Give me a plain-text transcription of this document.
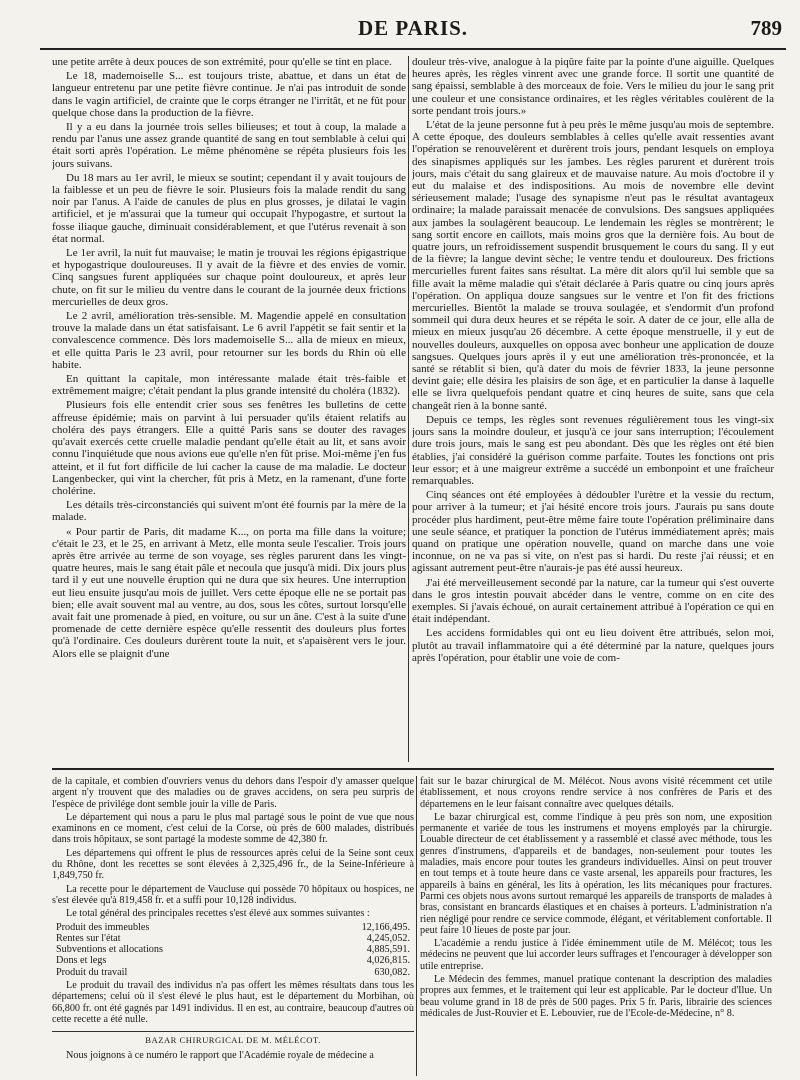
DE PARIS.	789

une petite arrête à deux pouces de son extrémité, pour qu'elle se tint en place.

Le 18, mademoiselle S... est toujours triste, abattue, et dans un état de langueur entretenu par une petite fièvre continue. Je n'ai pas introduit de sonde dans le vagin artificiel, de crainte que le corps étranger ne l'irritât, et ne fût pour quelque chose dans la production de la fièvre.

Il y a eu dans la journée trois selles bilieuses; et tout à coup, la malade a rendu par l'anus une assez grande quantité de sang en tout semblable à celui qui était sorti après l'opération. Le même phénomène se répéta plusieurs fois les jours suivans.

Du 18 mars au 1er avril, le mieux se soutint; cependant il y avait toujours de la faiblesse et un peu de fièvre le soir. Plusieurs fois la malade rendit du sang noir par l'anus. A l'aide de canules de plus en plus grosses, je dilatai le vagin artificiel, et je m'assurai que la tumeur qui occupait l'hypogastre, et surtout la fosse iliaque gauche, diminuait considérablement, et que l'utérus revenait à son état normal.

Le 1er avril, la nuit fut mauvaise; le matin je trouvai les régions épigastrique et hypogastrique douloureuses. Il y avait de la fièvre et des envies de vomir. Cinq sangsues furent appliquées sur chaque point douloureux, et après leur chute, on fit sur le milieu du ventre dans le courant de la journée deux frictions mercurielles de deux gros.

Le 2 avril, amélioration très-sensible. M. Magendie appelé en consultation trouve la malade dans un état satisfaisant. Le 6 avril l'appétit se fait sentir et la convalescence commence. Dès lors mademoiselle S... alla de mieux en mieux, et elle quitta Paris le 23 avril, pour retourner sur les bords du Rhin où elle habite.

En quittant la capitale, mon intéressante malade était très-faible et extrêmement maigre; c'était pendant la plus grande intensité du choléra (1832).

Plusieurs fois elle entendit crier sous ses fenêtres les bulletins de cette affreuse épidémie; mais on parvint à lui persuader qu'ils étaient relatifs au choléra des pays étrangers. Elle a quitté Paris sans se douter des ravages qu'avait exercés cette cruelle maladie pendant qu'elle était au lit, et sans avoir connu l'inquiétude que nous avions eue qu'elle n'en fût prise. Moi-même j'en fus atteint, et il fut fort difficile de lui cacher la cause de ma maladie. Le docteur Langenbecker, qui vint la chercher, fût pris à Metz, en la ramenant, d'une forte cholérine.

Les détails très-circonstanciés qui suivent m'ont été fournis par la mère de la malade.

« Pour partir de Paris, dit madame K..., on porta ma fille dans la voiture; c'était le 23, et le 25, en arrivant à Metz, elle monta seule l'escalier. Trois jours après être arrivée au terme de son voyage, ses règles parurent dans les vingt-quatre heures, mais le sang était pâle et necoula que jusqu'à midi. Dix jours plus tard il y eut une nouvelle éruption qui ne dura que six heures. Une interruption eut lieu ensuite jusqu'au mois de juillet. Vers cette époque elle ne se portait pas bien; elle avait souvent mal au ventre, au dos, sous les côtes, surtout lorsqu'elle avait fait une promenade à pied, en voiture, ou sur un âne. C'est à la suite d'une promenade de cette dernière espèce qu'elle ressentit des douleurs plus fortes qu'à l'ordinaire. Ces douleurs durèrent toute la nuit, et s'apaisèrent vers le jour. Alors elle se plaignit d'une

douleur très-vive, analogue à la piqûre faite par la pointe d'une aiguille. Quelques heures après, les règles vinrent avec une grande force. Il sortit une quantité de sang épaissi, semblable à des morceaux de foie. Vers le milieu du jour le sang prit une couleur et une consistance ordinaires, et les règles véritables coulèrent de la sorte pendant trois jours.»

L'état de la jeune personne fut à peu près le même jusqu'au mois de septembre. A cette époque, des douleurs semblables à celles qu'elle avait ressenties avant l'opération se renouvelèrent et durèrent trois jours, pendant lesquels on employa des sinapismes appliqués sur les jambes. Les règles parurent et durèrent trois jours, mais c'était du sang glaireux et de mauvaise nature. Au mois d'octobre il y eut du malaise et des indispositions. Au mois de novembre elle devint sérieusement malade; l'usage des synapisme n'eut pas le résultat avantageux ordinaire; la malade paraissait menacée de convulsions. Des sangsues appliquées aux jambes la soulagèrent beaucoup. Le lendemain les règles se montrèrent; le sang sortit encore en caillots, mais moins gros que la dernière fois. Au bout de quatre jours, un refroidissement suspendit brusquement le cours du sang. Il y eut de la fièvre; la langue devint sèche; le ventre tendu et douloureux. Des frictions mercurielles furent faites sans résultat. La mère dit alors qu'il lui semble que sa fille avait la même maladie qui s'était déclarée à Paris quatre ou cinq jours après l'opération. On appliqua douze sangsues sur le ventre et l'on fit des frictions mercurielles. Bientôt la malade se trouva soulagée, et s'endormit d'un profond sommeil qui dura deux heures et se répéta le soir. A dater de ce jour, elle alla de mieux en mieux jusqu'au 26 décembre. A cette époque menstruelle, il y eut de nouvelles douleurs, auxquelles on opposa avec bonheur une application de douze sangsues. Quelques jours après il y eut une amélioration très-prononcée, et la santé se rétablit si bien, qu'à dater du mois de février 1833, la jeune personne devint gaie; elle désira les plaisirs de son âge, et en particulier la danse à laquelle elle se livra quelquefois pendant quatre et cinq heures de suite, sans que cela changeât rien à la bonne santé.

Depuis ce temps, les règles sont revenues régulièrement tous les vingt-six jours sans la moindre douleur, et jusqu'à ce jour sans interruption; l'écoulement dure trois jours, mais le sang est peu abondant. Dès que les règles ont été bien établies, j'ai considéré la guérison comme parfaite. Toutes les fonctions ont pris leur essor; et à une maigreur extrême a succédé un embonpoint et une fraîcheur remarquables.

Cinq séances ont été employées à dédoubler l'urètre et la vessie du rectum, pour arriver à la tumeur; et j'ai hésité encore trois jours. J'aurais pu sans doute procéder plus hardiment, peut-être même faire toute l'opération préliminaire dans une seule séance, et pratiquer la ponction de l'utérus immédiatement après; mais quand on pratique une opération nouvelle, quand on marche dans une voie inconnue, on ne va pas si vite, on n'est pas si hardi. Du reste j'ai réussi; et en agissant autrement peut-être n'aurais-je pas été aussi heureux.

J'ai été merveilleusement secondé par la nature, car la tumeur qui s'est ouverte dans le gros intestin pouvait abcéder dans le ventre, comme on en cite des exemples. Si j'avais échoué, on aurait certainement attribué à l'opération ce qui en était indépendant.

Les accidens formidables qui ont eu lieu doivent être attribués, selon moi, plutôt au travail inflammatoire qui a été déterminé par la nature, quelques jours après l'opération, pour établir une voie de com-

de la capitale, et combien d'ouvriers venus du dehors dans l'espoir d'y amasser quelque argent n'y trouvent que des maladies ou de graves accidens, on sera peu surpris de l'espèce de privilége dont semble jouir la ville de Paris.

Le département qui nous a paru le plus mal partagé sous le point de vue que nous examinons en ce moment, c'est celui de la Corse, où près de 600 malades, distribués dans trois hôpitaux, se sont partagé la modeste somme de 42,380 fr.

Les départemens qui offrent le plus de ressources après celui de la Seine sont ceux du Rhône, dont les recettes se sont élevées à 2,325,496 fr., de la Seine-Inférieure à 1,849,750 fr.

La recette pour le département de Vaucluse qui possède 70 hôpitaux ou hospices, ne s'est élevée qu'à 819,458 fr. et a suffi pour 10,128 individus.

Le total général des principales recettes s'est élevé aux sommes suivantes :

Produit des immeubles	12,166,495.
Rentes sur l'état	4,245,052.
Subventions et allocations	4,885,591.
Dons et legs	4,026,815.
Produit du travail	630,082.

Le produit du travail des individus n'a pas offert les mêmes résultats dans tous les départemens; celui où il s'est élevé le plus haut, est le département du Morbihan, où 66,800 fr. ont été gagnés par 1491 individus. Il en est, au contraire, beaucoup d'autres où cette recette a été nulle.

BAZAR CHIRURGICAL DE M. MÉLÉCOT.

Nous joignons à ce numéro le rapport que l'Académie royale de médecine a

fait sur le bazar chirurgical de M. Mélécot. Nous avons visité récemment cet utile établissement, et nous croyons rendre service à nos confrères de Paris et des départemens en le leur faisant connaître avec quelques détails.

Le bazar chirurgical est, comme l'indique à peu près son nom, une exposition permanente et variée de tous les instrumens et moyens employés par la chirurgie. Louable directeur de cet établissement y a rassemblé et classé avec méthode, tous les genres d'instrumens, d'appareils et de bandages, non-seulement pour toutes les maladies, mais encore pour toutes les grandeurs individuelles. Ainsi on peut trouver en tout temps et à toute heure dans ce vaste arsenal, les appareils pour fractures, les appareils à bains en général, les lits à opération, les lits mécaniques pour fractures. Parmi ces objets nous avons surtout remarqué les appareils de transports de malades à bras, consistant en brancards élastiques et en chaises à porteurs. L'administration n'a rien négligé pour rendre ce service commode, élégant, et véritablement confortable. Il peut faire 10 lieues de poste par jour.

L'académie a rendu justice à l'idée éminemment utile de M. Mélécot; tous les médecins ne peuvent que lui accorder leurs suffrages et l'encourager à développer son utile entreprise.

Le Médecin des femmes, manuel pratique contenant la description des maladies propres aux femmes, et le traitement qui leur est applicable. Par le docteur d'Ilue. Un beau volume grand in 18 de près de 500 pages. Prix 5 fr. Paris, librairie des sciences médicales de Just-Rouvier et E. Lebouvier, rue de l'Ecole-de-Médecine, n° 8.
